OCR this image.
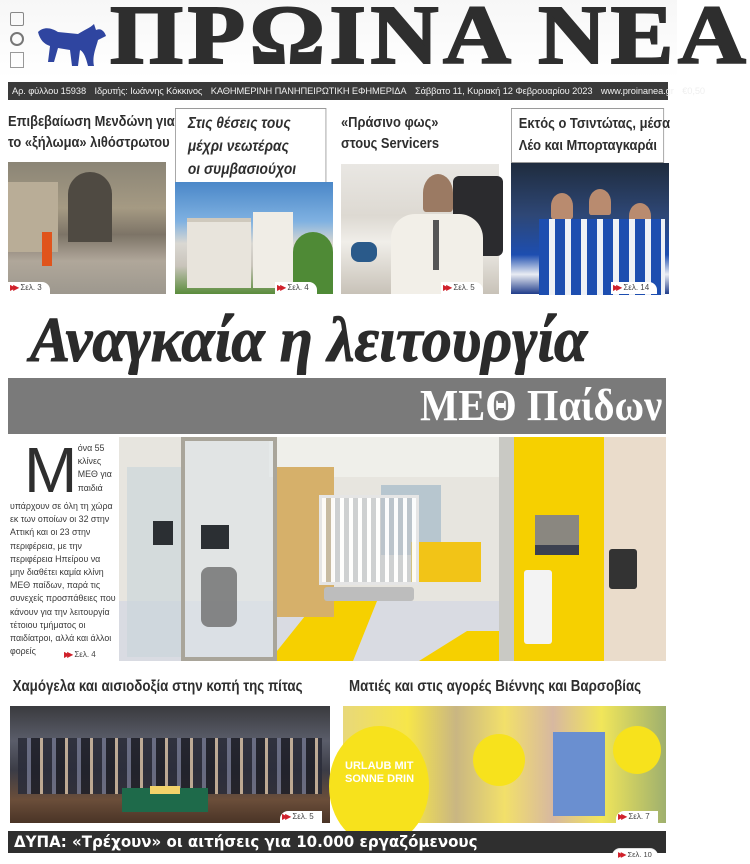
ΠΡΩΙΝΑ ΝΕΑ
Αρ. φύλλου 15938 Ιδρυτής: Ιωάννης Κόκκινος ΚΑΘΗΜΕΡΙΝΗ ΠΑΝΗΠΕΙΡΩΤΙΚΗ ΕΦΗΜΕΡΙΔΑ Σάββατο 11, Κυριακή 12 Φεβρουαρίου 2023 www.proinanea.gr €0,50
Επιβεβαίωση Μενδώνη για
το «ξήλωμα» λιθόστρωτου
▶▶ Σελ. 3
Στις θέσεις τους
μέχρι νεωτέρας
οι συμβασιούχοι
▶▶ Σελ. 4
«Πράσινο φως»
στους Servicers
▶▶ Σελ. 5
Εκτός ο Τσιντώτας, μέσα
Λέο και Μπορταγκαράι
▶▶ Σελ. 14
Αναγκαία η λειτουργία
ΜΕΘ Παίδων
Μ όνα 55 κλίνες ΜΕΘ για παιδιά υπάρχουν σε όλη τη χώρα εκ των οποίων οι 32 στην Αττική και οι 23 στην περιφέρεια, με την περιφέρεια Ηπείρου να μην διαθέτει καμία κλίνη ΜΕΘ παίδων, παρά τις συνεχείς προσπάθειες που κάνουν για την λειτουργία τέτοιου τμήματος οι παιδίατροι, αλλά και άλλοι φορείς	▶▶ Σελ. 4
Χαμόγελα και αισιοδοξία στην κοπή της πίτας
▶▶ Σελ. 5
Ματιές και στις αγορές Βιέννης και Βαρσοβίας
URLAUB MIT SONNE DRIN
▶▶ Σελ. 7
ΔΥΠΑ: «Τρέχουν» οι αιτήσεις για 10.000 εργαζόμενους
▶▶ Σελ. 10
